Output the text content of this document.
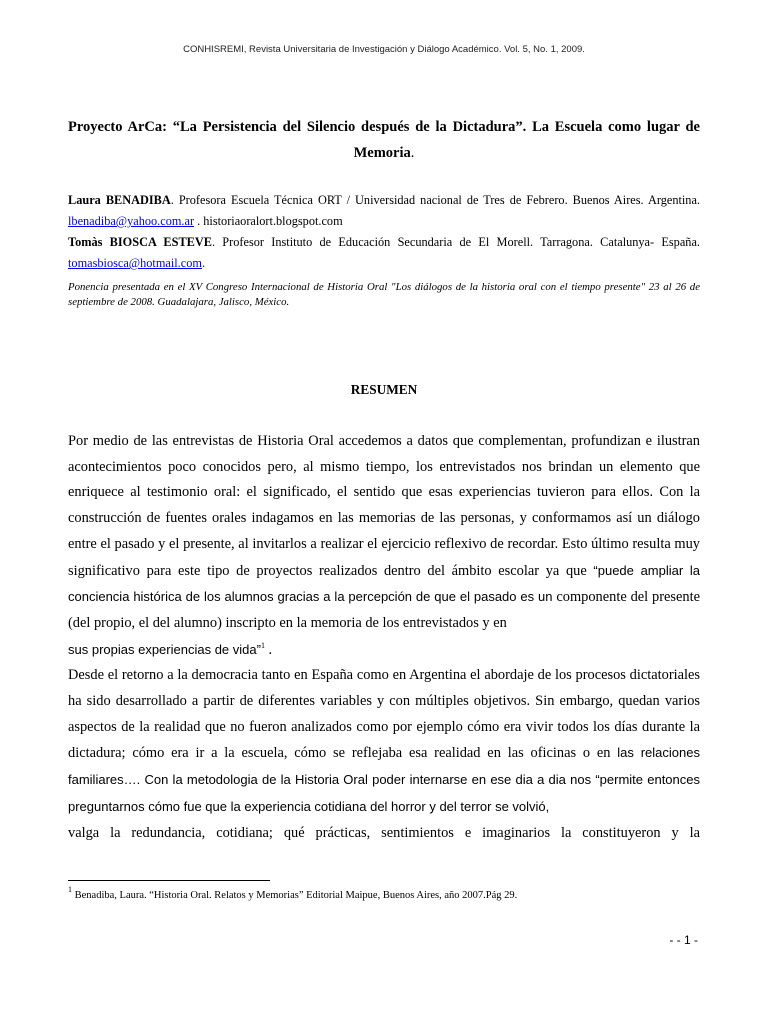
CONHISREMI, Revista Universitaria de Investigación y Diálogo Académico. Vol. 5, No. 1, 2009.
Proyecto ArCa: “La Persistencia del Silencio después de la Dictadura”. La Escuela como lugar de Memoria.

Laura BENADIBA. Profesora Escuela Técnica ORT / Universidad nacional de Tres de Febrero. Buenos Aires. Argentina.

lbenadiba@yahoo.com.ar . historiaoralort.blogspot.com

Tomàs BIOSCA ESTEVE. Profesor Instituto de Educación Secundaria de El Morell. Tarragona. Catalunya- España.

tomasbiosca@hotmail.com.

Ponencia presentada en el XV Congreso Internacional de Historia Oral "Los diálogos de la historia oral con el tiempo presente" 23 al 26 de septiembre de 2008. Guadalajara, Jalisco, México.
RESUMEN

Por medio de las entrevistas de Historia Oral accedemos a datos que complementan, profundizan e ilustran acontecimientos poco conocidos pero, al mismo tiempo, los entrevistados nos brindan un elemento que enriquece al testimonio oral: el significado, el sentido que esas experiencias tuvieron para ellos. Con la construcción de fuentes orales indagamos en las memorias de las personas, y conformamos así un diálogo entre el pasado y el presente, al invitarlos a realizar el ejercicio reflexivo de recordar. Esto último resulta muy significativo para este tipo de proyectos realizados dentro del ámbito escolar ya que “puede ampliar la conciencia histórica de los alumnos gracias a la percepción de que el pasado es un componente del presente (del propio, el del alumno) inscripto en la memoria de los entrevistados y en

sus propias experiencias de vida”$^1$ .

Desde el retorno a la democracia tanto en España como en Argentina el abordaje de los procesos dictatoriales ha sido desarrollado a partir de diferentes variables y con múltiples objetivos. Sin embargo, quedan varios aspectos de la realidad que no fueron analizados como por ejemplo cómo era vivir todos los días durante la dictadura; cómo era ir a la escuela, cómo se reflejaba esa realidad en las oficinas o en las relaciones familiares…. Con la metodologia de la Historia Oral poder internarse en ese dia a dia nos “permite entonces preguntarnos cómo fue que la experiencia cotidiana del horror y del terror se volvió,

valga la redundancia, cotidiana; qué prácticas, sentimientos e imaginarios la constituyeron y la

$^1$ Benadiba, Laura. “Historia Oral. Relatos y Memorias” Editorial Maipue, Buenos Aires, año 2007.Pág 29.
- - 1 -
